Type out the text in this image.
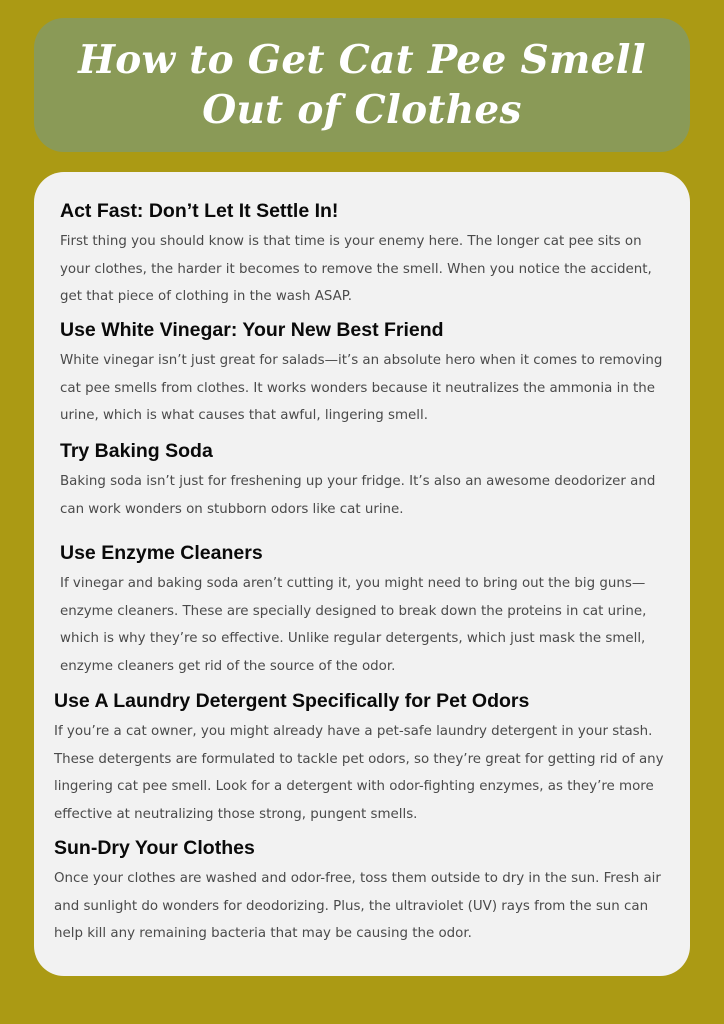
How to Get Cat Pee Smell Out of Clothes
Act Fast: Don’t Let It Settle In!

First thing you should know is that time is your enemy here. The longer cat pee sits on your clothes, the harder it becomes to remove the smell. When you notice the accident, get that piece of clothing in the wash ASAP.

Use White Vinegar: Your New Best Friend

White vinegar isn’t just great for salads—it’s an absolute hero when it comes to removing cat pee smells from clothes. It works wonders because it neutralizes the ammonia in the urine, which is what causes that awful, lingering smell.

Try Baking Soda

Baking soda isn’t just for freshening up your fridge. It’s also an awesome deodorizer and can work wonders on stubborn odors like cat urine.

Use Enzyme Cleaners

If vinegar and baking soda aren’t cutting it, you might need to bring out the big guns—enzyme cleaners. These are specially designed to break down the proteins in cat urine, which is why they’re so effective. Unlike regular detergents, which just mask the smell, enzyme cleaners get rid of the source of the odor.

Use A Laundry Detergent Specifically for Pet Odors

If you’re a cat owner, you might already have a pet-safe laundry detergent in your stash. These detergents are formulated to tackle pet odors, so they’re great for getting rid of any lingering cat pee smell. Look for a detergent with odor-fighting enzymes, as they’re more effective at neutralizing those strong, pungent smells.

Sun-Dry Your Clothes

Once your clothes are washed and odor-free, toss them outside to dry in the sun. Fresh air and sunlight do wonders for deodorizing. Plus, the ultraviolet (UV) rays from the sun can help kill any remaining bacteria that may be causing the odor.
